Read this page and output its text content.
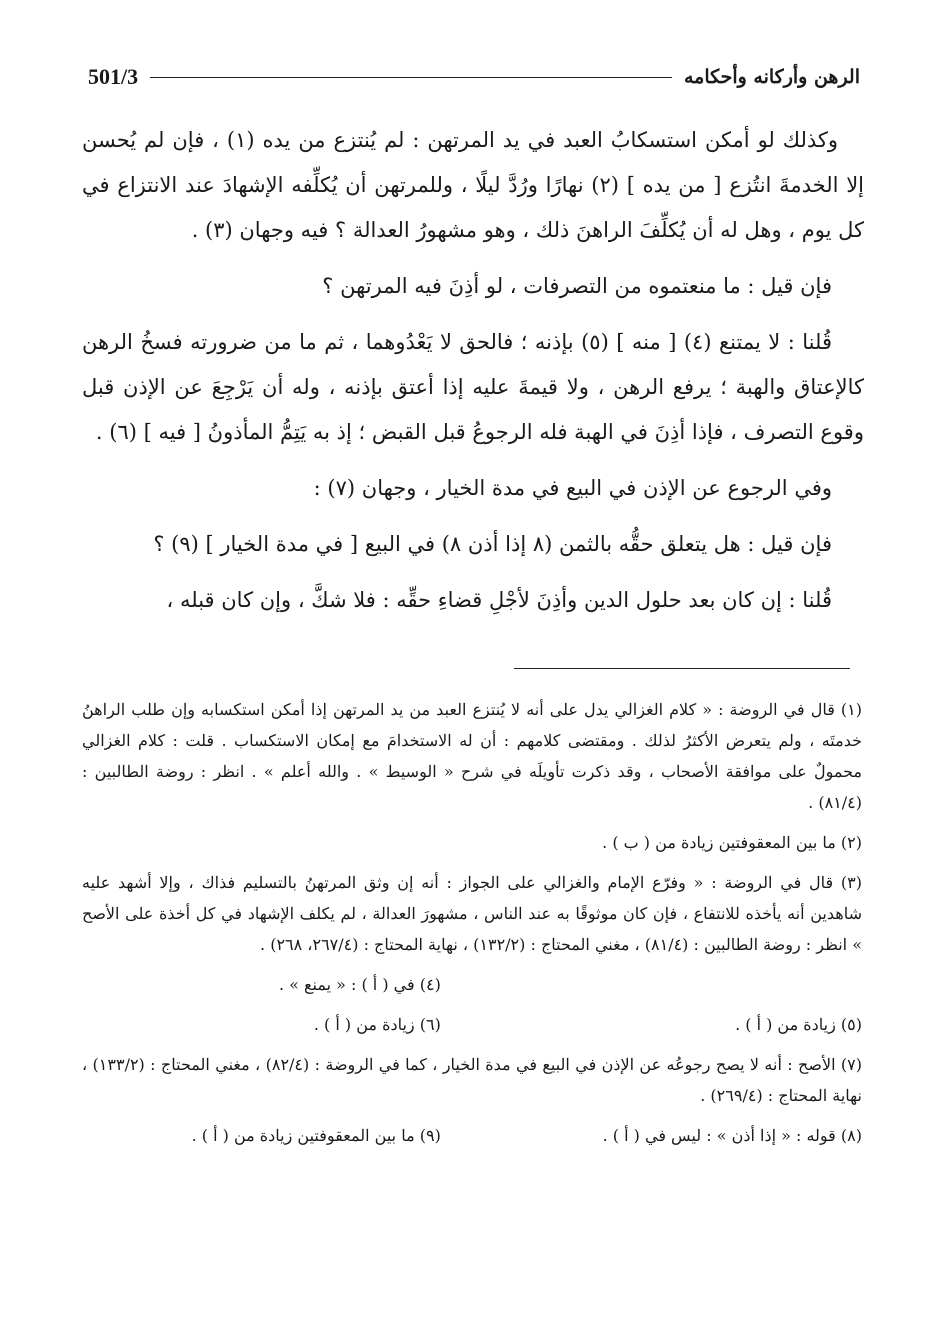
501/3	الرهن وأركانه وأحكامه

وكذلك لو أمكن استسكابُ العبد في يد المرتهن : لم يُنتزع من يده (١) ، فإن لم يُحسن إلا الخدمةَ انتُزع [ من يده ] (٢) نهارًا ورُدَّ ليلًا ، وللمرتهن أن يُكلِّفه الإشهادَ عند الانتزاع في كل يوم ، وهل له أن يُكلِّفَ الراهنَ ذلك ، وهو مشهورُ العدالة ؟ فيه وجهان (٣) .

فإن قيل : ما منعتموه من التصرفات ، لو أذِنَ فيه المرتهن ؟

قُلنا : لا يمتنع (٤) [ منه ] (٥) بإذنه ؛ فالحق لا يَعْدُوهما ، ثم ما من ضرورته فسخُ الرهن كالإعتاق والهبة ؛ يرفع الرهن ، ولا قيمةَ عليه إذا أعتق بإذنه ، وله أن يَرْجِعَ عن الإذن قبل وقوع التصرف ، فإذا أذِنَ في الهبة فله الرجوعُ قبل القبض ؛ إذ به يَتِمُّ المأذونُ [ فيه ] (٦) .

وفي الرجوع عن الإذن في البيع في مدة الخيار ، وجهان (٧) :

فإن قيل : هل يتعلق حقُّه بالثمن (٨ إذا أذن ٨) في البيع [ في مدة الخيار ] (٩) ؟

قُلنا : إن كان بعد حلول الدين وأذِنَ لأجْلِ قضاءِ حقِّه : فلا شكَّ ، وإن كان قبله ،

(١) قال في الروضة : « كلام الغزالي يدل على أنه لا يُنتزع العبد من يد المرتهن إذا أمكن استكسابه وإن طلب الراهنُ خدمتَه ، ولم يتعرض الأكثرُ لذلك . ومقتضى كلامهم : أن له الاستخدامَ مع إمكان الاستكساب . قلت : كلام الغزالي محمولٌ على موافقة الأصحاب ، وقد ذكرت تأويلَه في شرح « الوسيط » . والله أعلم » . انظر : روضة الطالبين : (٨١/٤) .
(٢) ما بين المعقوفتين زيادة من ( ب ) .
(٣) قال في الروضة : « وفرّع الإمام والغزالي على الجواز : أنه إن وثق المرتهنُ بالتسليم فذاك ، وإلا أشهد عليه شاهدين أنه يأخذه للانتفاع ، فإن كان موثوقًا به عند الناس ، مشهورَ العدالة ، لم يكلف الإشهاد في كل أخذة على الأصح » انظر : روضة الطالبين : (٨١/٤) ، مغني المحتاج : (١٣٢/٢) ، نهاية المحتاج : (٢٦٧/٤، ٢٦٨) .
(٤) في ( أ ) : « يمنع » .
(٥) زيادة من ( أ ) .
(٦) زيادة من ( أ ) .
(٧) الأصح : أنه لا يصح رجوعُه عن الإذن في البيع في مدة الخيار ، كما في الروضة : (٨٢/٤) ، مغني المحتاج : (١٣٣/٢) ، نهاية المحتاج : (٢٦٩/٤) .
(٨) قوله : « إذا أذن » : ليس في ( أ ) .
(٩) ما بين المعقوفتين زيادة من ( أ ) .
